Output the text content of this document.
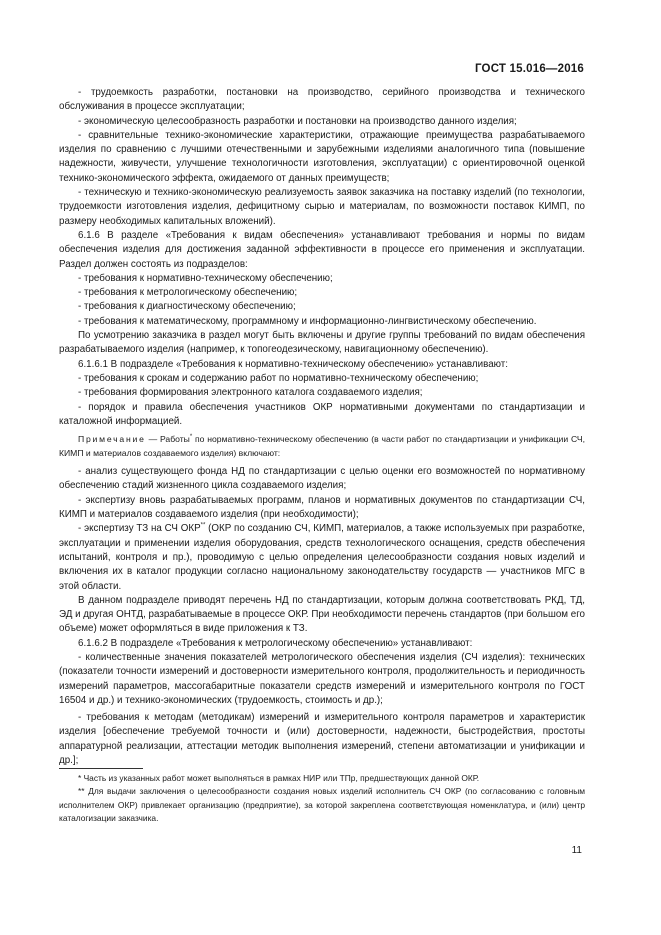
ГОСТ 15.016—2016

- трудоемкость разработки, постановки на производство, серийного производства и технического обслуживания в процессе эксплуатации;

- экономическую целесообразность разработки и постановки на производство данного изделия;

- сравнительные технико-экономические характеристики, отражающие преимущества разрабатываемого изделия по сравнению с лучшими отечественными и зарубежными изделиями аналогичного типа (повышение надежности, живучести, улучшение технологичности изготовления, эксплуатации) с ориентировочной оценкой технико-экономического эффекта, ожидаемого от данных преимуществ;

- техническую и технико-экономическую реализуемость заявок заказчика на поставку изделий (по технологии, трудоемкости изготовления изделия, дефицитному сырью и материалам, по возможности поставок КИМП, по размеру необходимых капитальных вложений).

6.1.6 В разделе «Требования к видам обеспечения» устанавливают требования и нормы по видам обеспечения изделия для достижения заданной эффективности в процессе его применения и эксплуатации. Раздел должен состоять из подразделов:

- требования к нормативно-техническому обеспечению;

- требования к метрологическому обеспечению;

- требования к диагностическому обеспечению;

- требования к математическому, программному и информационно-лингвистическому обеспечению.

По усмотрению заказчика в раздел могут быть включены и другие группы требований по видам обеспечения разрабатываемого изделия (например, к топогеодезическому, навигационному обеспечению).

6.1.6.1 В подразделе «Требования к нормативно-техническому обеспечению» устанавливают:

- требования к срокам и содержанию работ по нормативно-техническому обеспечению;

- требования формирования электронного каталога создаваемого изделия;

- порядок и правила обеспечения участников ОКР нормативными документами по стандартизации и каталожной информацией.

Примечание — Работы* по нормативно-техническому обеспечению (в части работ по стандартизации и унификации СЧ, КИМП и материалов создаваемого изделия) включают:

- анализ существующего фонда НД по стандартизации с целью оценки его возможностей по нормативному обеспечению стадий жизненного цикла создаваемого изделия;

- экспертизу вновь разрабатываемых программ, планов и нормативных документов по стандартизации СЧ, КИМП и материалов создаваемого изделия (при необходимости);

- экспертизу ТЗ на СЧ ОКР** (ОКР по созданию СЧ, КИМП, материалов, а также используемых при разработке, эксплуатации и применении изделия оборудования, средств технологического оснащения, средств обеспечения испытаний, контроля и пр.), проводимую с целью определения целесообразности создания новых изделий и включения их в каталог продукции согласно национальному законодательству государств — участников МГС в этой области.

В данном подразделе приводят перечень НД по стандартизации, которым должна соответствовать РКД, ТД, ЭД и другая ОНТД, разрабатываемые в процессе ОКР. При необходимости перечень стандартов (при большом его объеме) может оформляться в виде приложения к ТЗ.

6.1.6.2 В подразделе «Требования к метрологическому обеспечению» устанавливают:

- количественные значения показателей метрологического обеспечения изделия (СЧ изделия): технических (показатели точности измерений и достоверности измерительного контроля, продолжительность и периодичность измерений параметров, массогабаритные показатели средств измерений и измерительного контроля по ГОСТ 16504 и др.) и технико-экономических (трудоемкость, стоимость и др.);

- требования к методам (методикам) измерений и измерительного контроля параметров и характеристик изделия [обеспечение требуемой точности и (или) достоверности, надежности, быстродействия, простоты аппаратурной реализации, аттестации методик выполнения измерений, степени автоматизации и унификации и др.];

* Часть из указанных работ может выполняться в рамках НИР или ТПр, предшествующих данной ОКР.

** Для выдачи заключения о целесообразности создания новых изделий исполнитель СЧ ОКР (по согласованию с головным исполнителем ОКР) привлекает организацию (предприятие), за которой закреплена соответствующая номенклатура, и (или) центр каталогизации заказчика.

11
